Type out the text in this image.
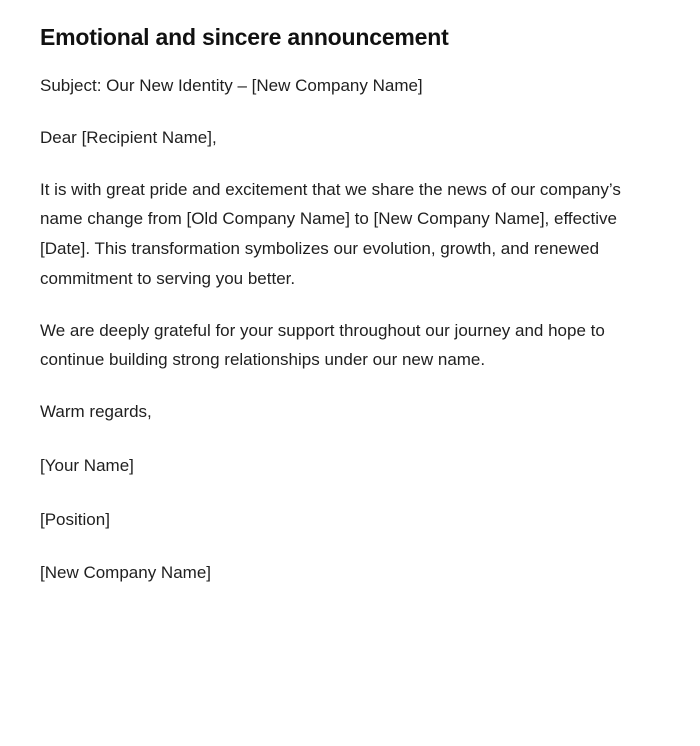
Emotional and sincere announcement

Subject: Our New Identity – [New Company Name]

Dear [Recipient Name],

It is with great pride and excitement that we share the news of our company’s name change from [Old Company Name] to [New Company Name], effective [Date]. This transformation symbolizes our evolution, growth, and renewed commitment to serving you better.

We are deeply grateful for your support throughout our journey and hope to continue building strong relationships under our new name.

Warm regards,

[Your Name]

[Position]

[New Company Name]
